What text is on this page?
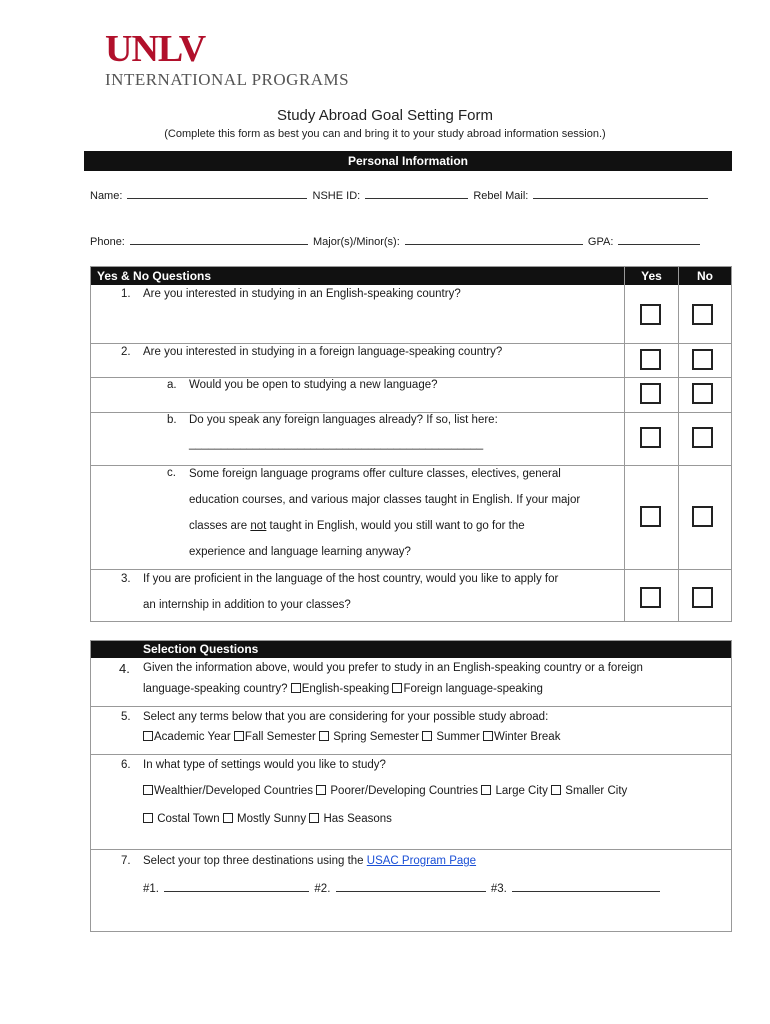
UNLV
INTERNATIONAL PROGRAMS
Study Abroad Goal Setting Form
(Complete this form as best you can and bring it to your study abroad information session.)
Personal Information
Name:	NSHE ID:	Rebel Mail:
Phone:	Major(s)/Minor(s):	GPA:
Yes & No Questions	Yes	No
1. Are you interested in studying in an English-speaking country?
2. Are you interested in studying in a foreign language-speaking country?
a. Would you be open to studying a new language?
b. Do you speak any foreign languages already? If so, list here:
______________________________________________
c. Some foreign language programs offer culture classes, electives, general
education courses, and various major classes taught in English. If your major
classes are not taught in English, would you still want to go for the
experience and language learning anyway?
3. If you are proficient in the language of the host country, would you like to apply for
an internship in addition to your classes?
Selection Questions
4. Given the information above, would you prefer to study in an English-speaking country or a foreign
language-speaking country? English-speaking Foreign language-speaking
5. Select any terms below that you are considering for your possible study abroad:
Academic Year Fall Semester Spring Semester Summer Winter Break
6. In what type of settings would you like to study?
Wealthier/Developed Countries Poorer/Developing Countries Large City Smaller City
Costal Town Mostly Sunny Has Seasons
7. Select your top three destinations using the USAC Program Page
#1.	#2.	#3.
